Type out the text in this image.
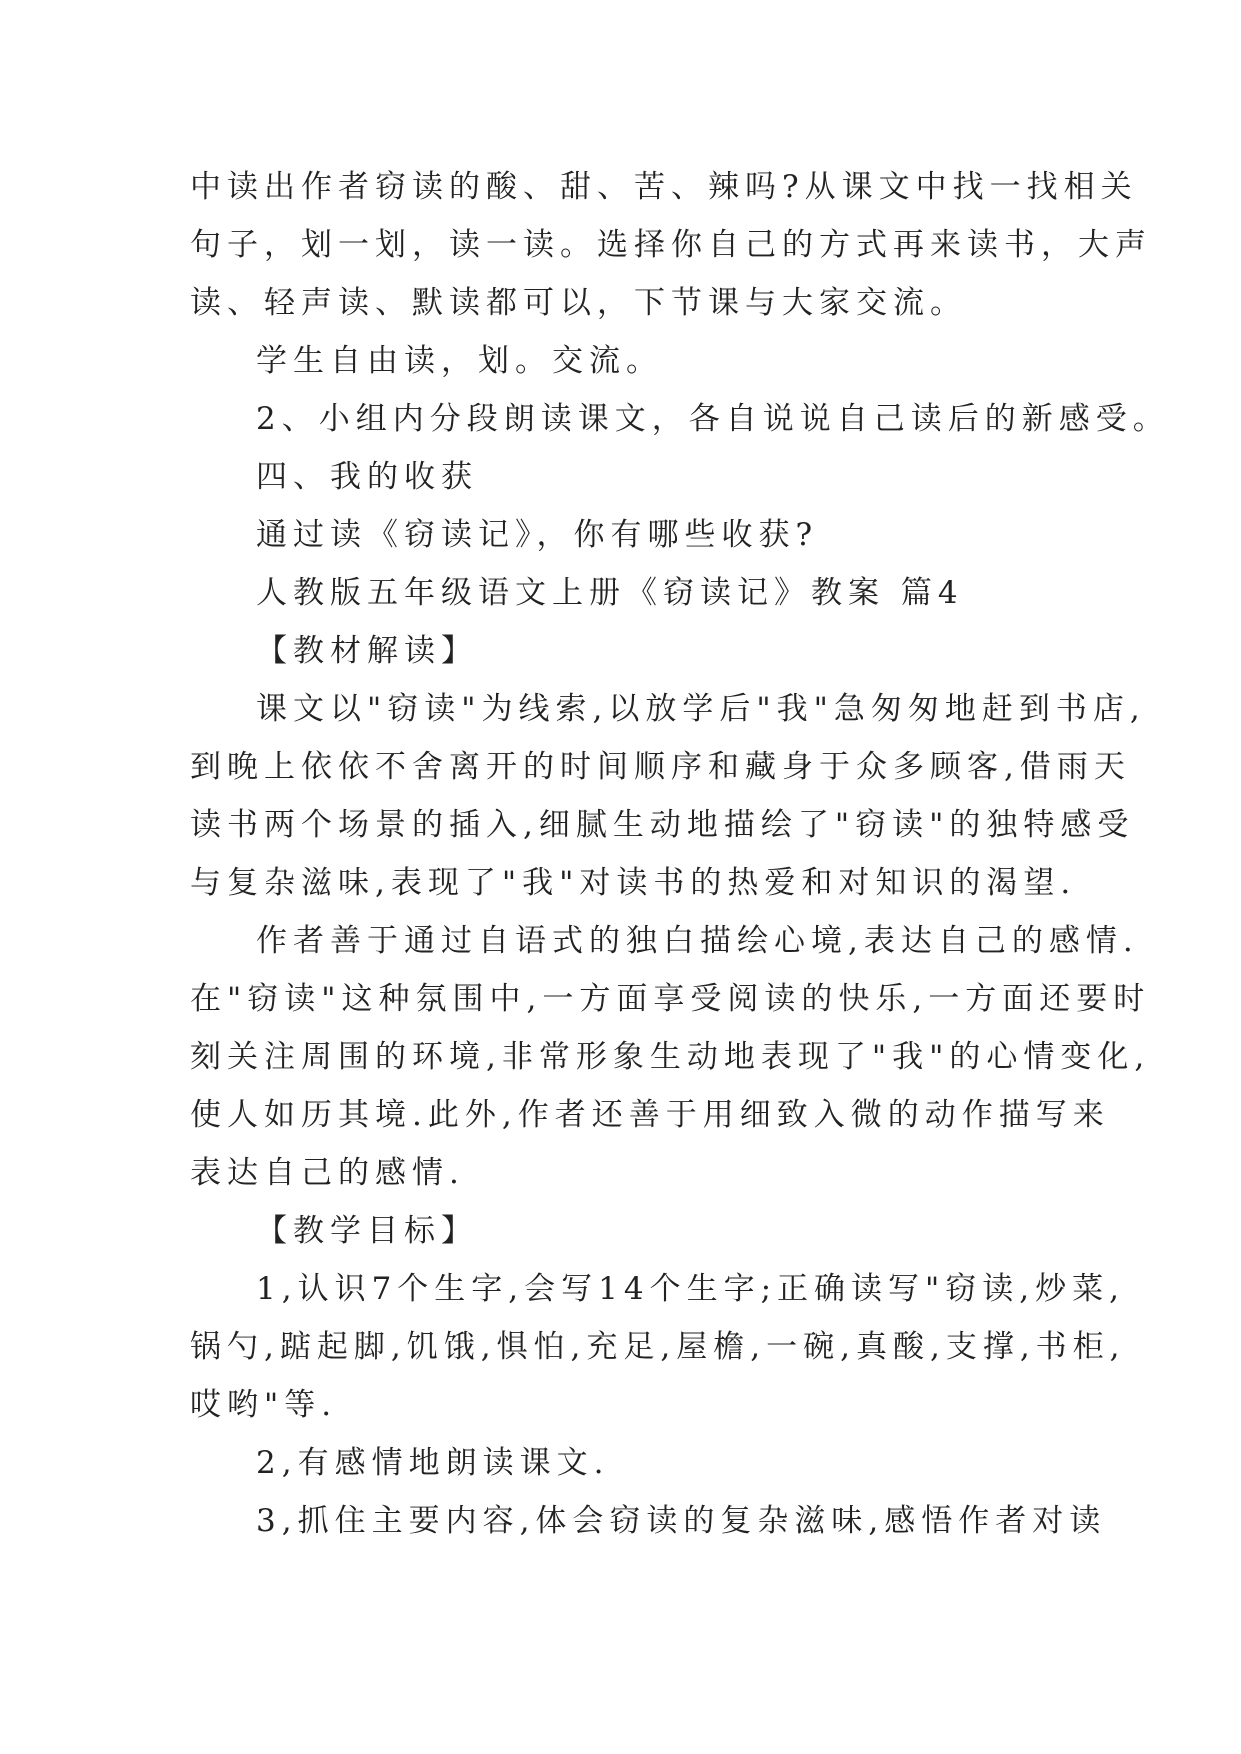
中读出作者窃读的酸、甜、苦、辣吗?从课文中找一找相关
句子，划一划，读一读。选择你自己的方式再来读书，大声
读、轻声读、默读都可以，下节课与大家交流。
学生自由读，划。交流。
2、小组内分段朗读课文，各自说说自己读后的新感受。
四、我的收获
通过读《窃读记》，你有哪些收获?
人教版五年级语文上册《窃读记》教案 篇4
【教材解读】
课文以"窃读"为线索,以放学后"我"急匆匆地赶到书店,
到晚上依依不舍离开的时间顺序和藏身于众多顾客,借雨天
读书两个场景的插入,细腻生动地描绘了"窃读"的独特感受
与复杂滋味,表现了"我"对读书的热爱和对知识的渴望.
作者善于通过自语式的独白描绘心境,表达自己的感情.
在"窃读"这种氛围中,一方面享受阅读的快乐,一方面还要时
刻关注周围的环境,非常形象生动地表现了"我"的心情变化,
使人如历其境.此外,作者还善于用细致入微的动作描写来
表达自己的感情.
【教学目标】
1,认识7个生字,会写14个生字;正确读写"窃读,炒菜,
锅勺,踮起脚,饥饿,惧怕,充足,屋檐,一碗,真酸,支撑,书柜,
哎哟"等.
2,有感情地朗读课文.
3,抓住主要内容,体会窃读的复杂滋味,感悟作者对读
